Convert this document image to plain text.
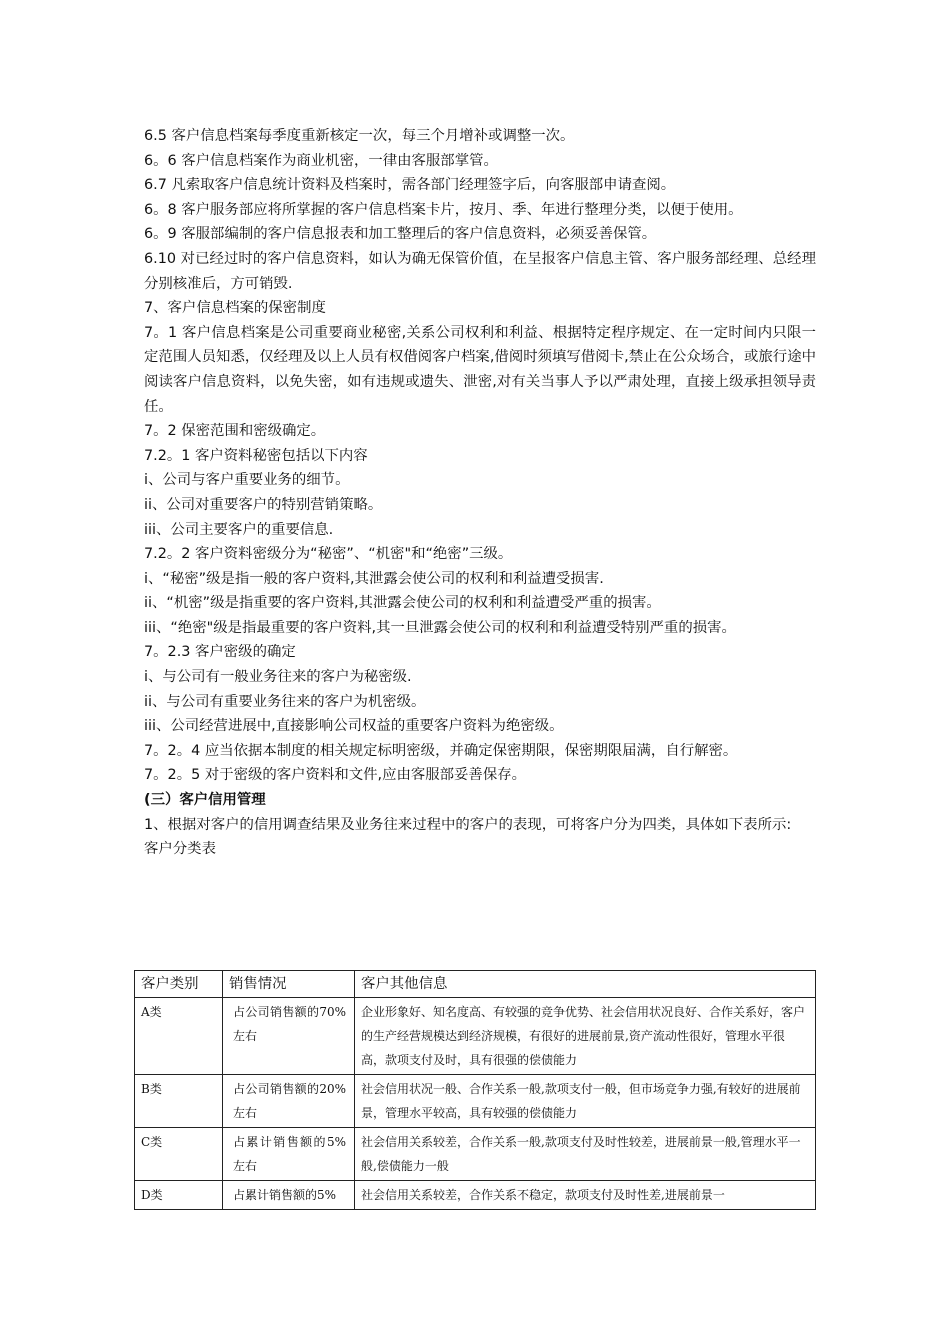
6.5 客户信息档案每季度重新核定一次，每三个月增补或调整一次。

6。6 客户信息档案作为商业机密，一律由客服部掌管。

6.7 凡索取客户信息统计资料及档案时，需各部门经理签字后，向客服部申请查阅。

6。8 客户服务部应将所掌握的客户信息档案卡片，按月、季、年进行整理分类，以便于使用。

6。9 客服部编制的客户信息报表和加工整理后的客户信息资料，必须妥善保管。

6.10 对已经过时的客户信息资料，如认为确无保管价值，在呈报客户信息主管、客户服务部经理、总经理分别核准后，方可销毁.

7、客户信息档案的保密制度

7。1 客户信息档案是公司重要商业秘密,关系公司权利和利益、根据特定程序规定、在一定时间内只限一定范围人员知悉，仅经理及以上人员有权借阅客户档案,借阅时须填写借阅卡,禁止在公众场合，或旅行途中阅读客户信息资料，以免失密，如有违规或遗失、泄密,对有关当事人予以严肃处理，直接上级承担领导责任。

7。2 保密范围和密级确定。

7.2。1 客户资料秘密包括以下内容

i、公司与客户重要业务的细节。

ii、公司对重要客户的特别营销策略。

iii、公司主要客户的重要信息.

7.2。2 客户资料密级分为“秘密”、“机密"和“绝密”三级。

i、“秘密”级是指一般的客户资料,其泄露会使公司的权利和利益遭受损害.

ii、“机密”级是指重要的客户资料,其泄露会使公司的权利和利益遭受严重的损害。

iii、“绝密"级是指最重要的客户资料,其一旦泄露会使公司的权利和利益遭受特别严重的损害。

7。2.3 客户密级的确定

i、与公司有一般业务往来的客户为秘密级.

ii、与公司有重要业务往来的客户为机密级。

iii、公司经营进展中,直接影响公司权益的重要客户资料为绝密级。

7。2。4 应当依据本制度的相关规定标明密级，并确定保密期限，保密期限届满，自行解密。

7。2。5 对于密级的客户资料和文件,应由客服部妥善保存。

(三）客户信用管理

1、根据对客户的信用调查结果及业务往来过程中的客户的表现，可将客户分为四类，具体如下表所示:

客户分类表

客户类别	销售情况	客户其他信息
A类	占公司销售额的70%左右	企业形象好、知名度高、有较强的竞争优势、社会信用状况良好、合作关系好，客户的生产经营规模达到经济规模，有很好的进展前景,资产流动性很好，管理水平很高，款项支付及时，具有很强的偿债能力
B类	占公司销售额的20%左右	社会信用状况一般、合作关系一般,款项支付一般，但市场竞争力强,有较好的进展前景，管理水平较高，具有较强的偿债能力
C类	占累计销售额的5%左右	社会信用关系较差，合作关系一般,款项支付及时性较差，进展前景一般,管理水平一般,偿债能力一般
D类	占累计销售额的5%	社会信用关系较差，合作关系不稳定，款项支付及时性差,进展前景一
